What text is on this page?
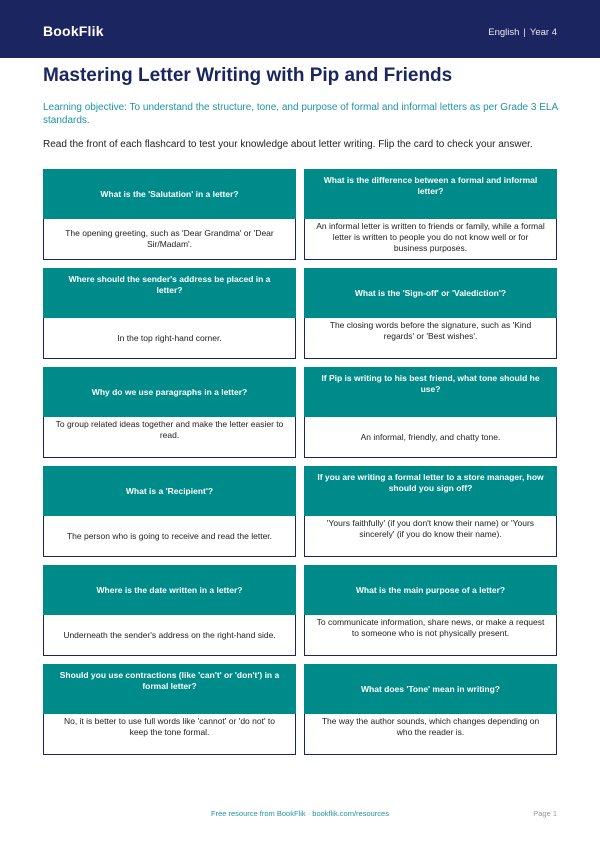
BookFlik	English | Year 4
Mastering Letter Writing with Pip and Friends

Learning objective: To understand the structure, tone, and purpose of formal and informal letters as per Grade 3 ELA standards.

Read the front of each flashcard to test your knowledge about letter writing. Flip the card to check your answer.

What is the 'Salutation' in a letter?
The opening greeting, such as 'Dear Grandma' or 'Dear Sir/Madam'.
What is the difference between a formal and informal letter?
An informal letter is written to friends or family, while a formal letter is written to people you do not know well or for business purposes.
Where should the sender's address be placed in a letter?
In the top right-hand corner.
What is the 'Sign-off' or 'Valediction'?
The closing words before the signature, such as 'Kind regards' or 'Best wishes'.
Why do we use paragraphs in a letter?
To group related ideas together and make the letter easier to read.
If Pip is writing to his best friend, what tone should he use?
An informal, friendly, and chatty tone.
What is a 'Recipient'?
The person who is going to receive and read the letter.
If you are writing a formal letter to a store manager, how should you sign off?
'Yours faithfully' (if you don't know their name) or 'Yours sincerely' (if you do know their name).
Where is the date written in a letter?
Underneath the sender's address on the right-hand side.
What is the main purpose of a letter?
To communicate information, share news, or make a request to someone who is not physically present.
Should you use contractions (like 'can't' or 'don't') in a formal letter?
No, it is better to use full words like 'cannot' or 'do not' to keep the tone formal.
What does 'Tone' mean in writing?
The way the author sounds, which changes depending on who the reader is.
Free resource from BookFlik · bookflik.com/resources	Page 1
